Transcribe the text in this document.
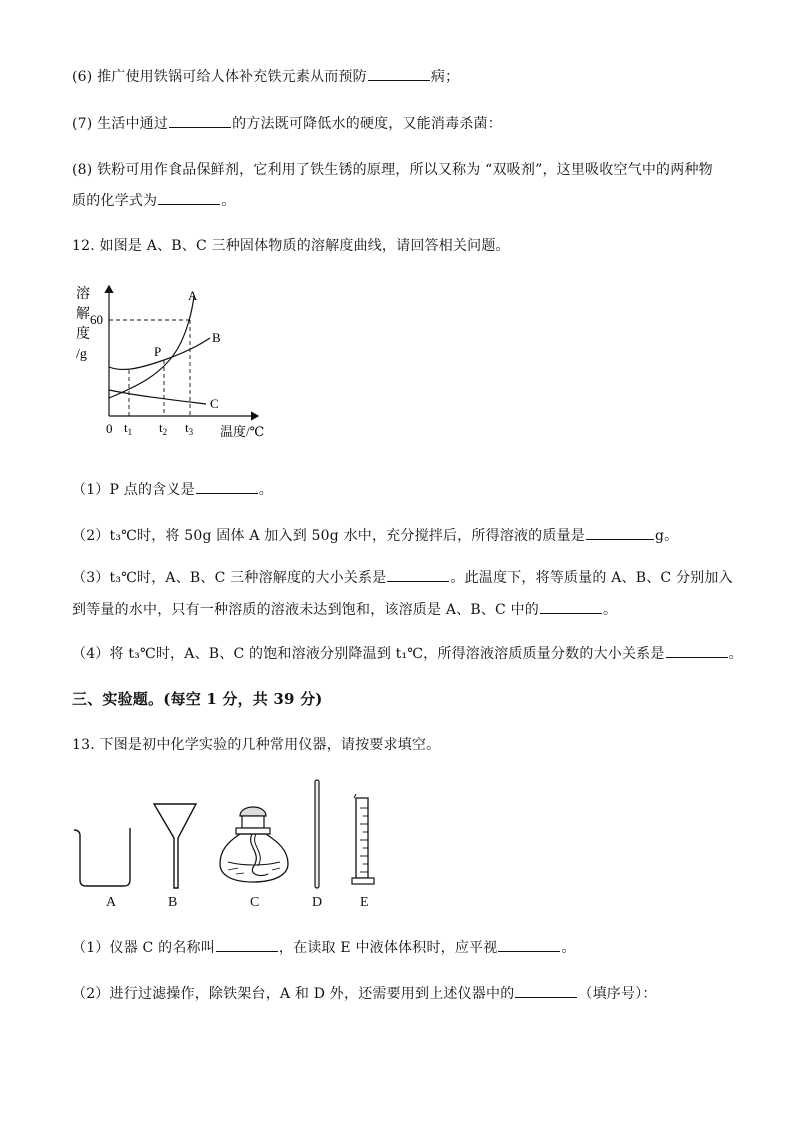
(6) 推广使用铁锅可给人体补充铁元素从而预防	病；
(7) 生活中通过	的方法既可降低水的硬度，又能消毒杀菌：
(8) 铁粉可用作食品保鲜剂，它利用了铁生锈的原理，所以又称为 “双吸剂”，这里吸收空气中的两种物
质的化学式为	。
12. 如图是 A、B、C 三种固体物质的溶解度曲线，请回答相关问题。
溶
解
度
/g
60
A
B
C
P
0 $t_1$ $t_2$ $t_3$ 温度/℃
（1）P 点的含义是	。
（2）t₃℃时，将 50g 固体 A 加入到 50g 水中，充分搅拌后，所得溶液的质量是	g。
（3）t₃℃时，A、B、C 三种溶解度的大小关系是	。此温度下，将等质量的 A、B、C 分别加入
到等量的水中，只有一种溶质的溶液未达到饱和，该溶质是 A、B、C 中的	。
（4）将 t₃℃时，A、B、C 的饱和溶液分别降温到 t₁℃，所得溶液溶质质量分数的大小关系是	。
三、实验题。(每空 1 分，共 39 分)
13. 下图是初中化学实验的几种常用仪器，请按要求填空。
A	B	C	D	E
（1）仪器 C 的名称叫	，在读取 E 中液体体积时，应平视	。
（2）进行过滤操作，除铁架台，A 和 D 外，还需要用到上述仪器中的	（填序号）：
